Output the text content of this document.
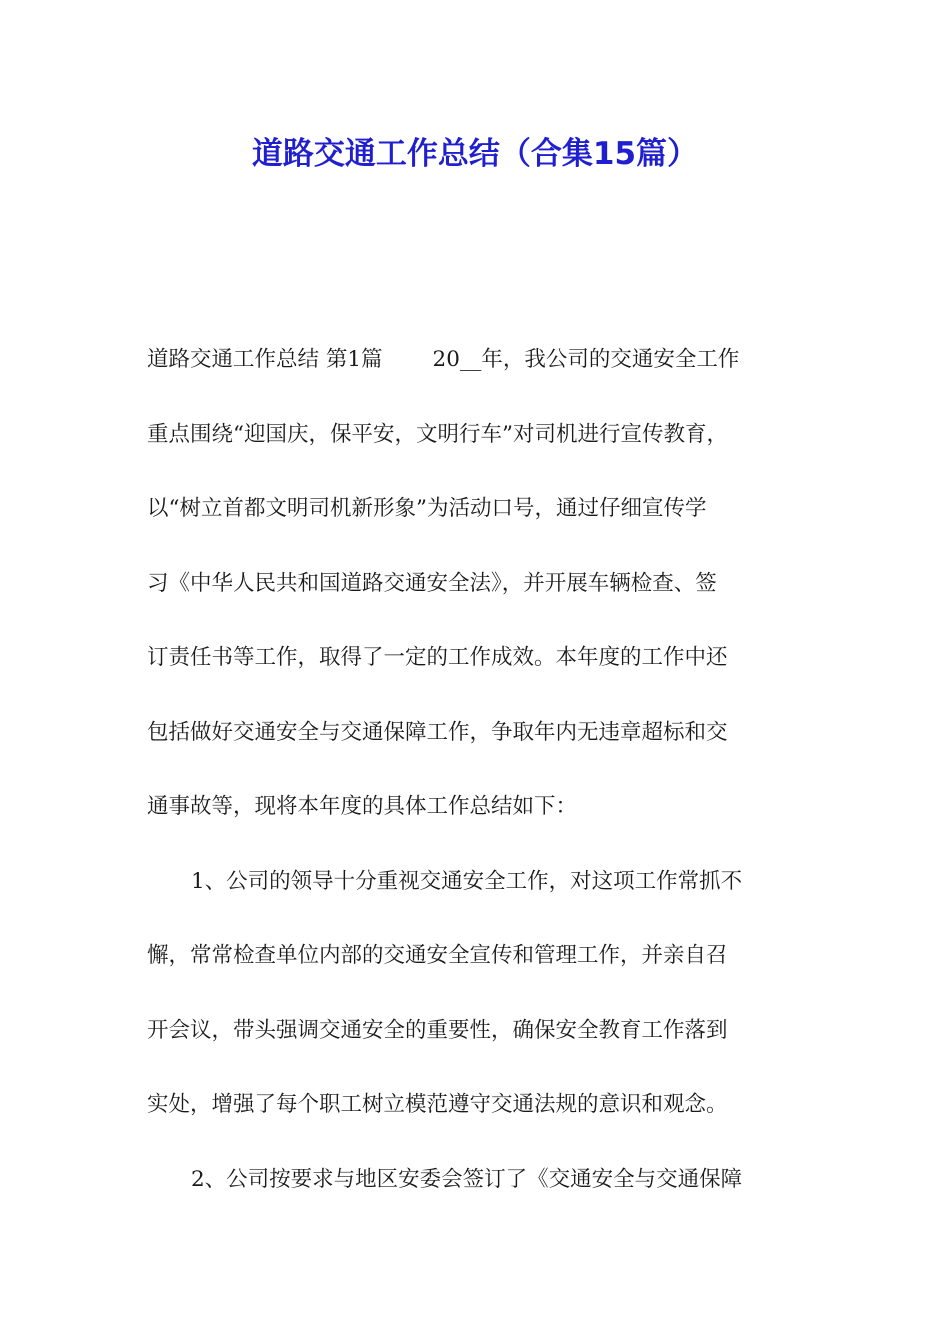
道路交通工作总结（合集15篇）
道路交通工作总结 第1篇 20__年，我公司的交通安全工作
重点围绕“迎国庆，保平安，文明行车”对司机进行宣传教育，
以“树立首都文明司机新形象”为活动口号，通过仔细宣传学
习《中华人民共和国道路交通安全法》，并开展车辆检查、签
订责任书等工作，取得了一定的工作成效。本年度的工作中还
包括做好交通安全与交通保障工作，争取年内无违章超标和交
通事故等，现将本年度的具体工作总结如下：
1、公司的领导十分重视交通安全工作，对这项工作常抓不
懈，常常检查单位内部的交通安全宣传和管理工作，并亲自召
开会议，带头强调交通安全的重要性，确保安全教育工作落到
实处，增强了每个职工树立模范遵守交通法规的意识和观念。
2、公司按要求与地区安委会签订了《交通安全与交通保障
